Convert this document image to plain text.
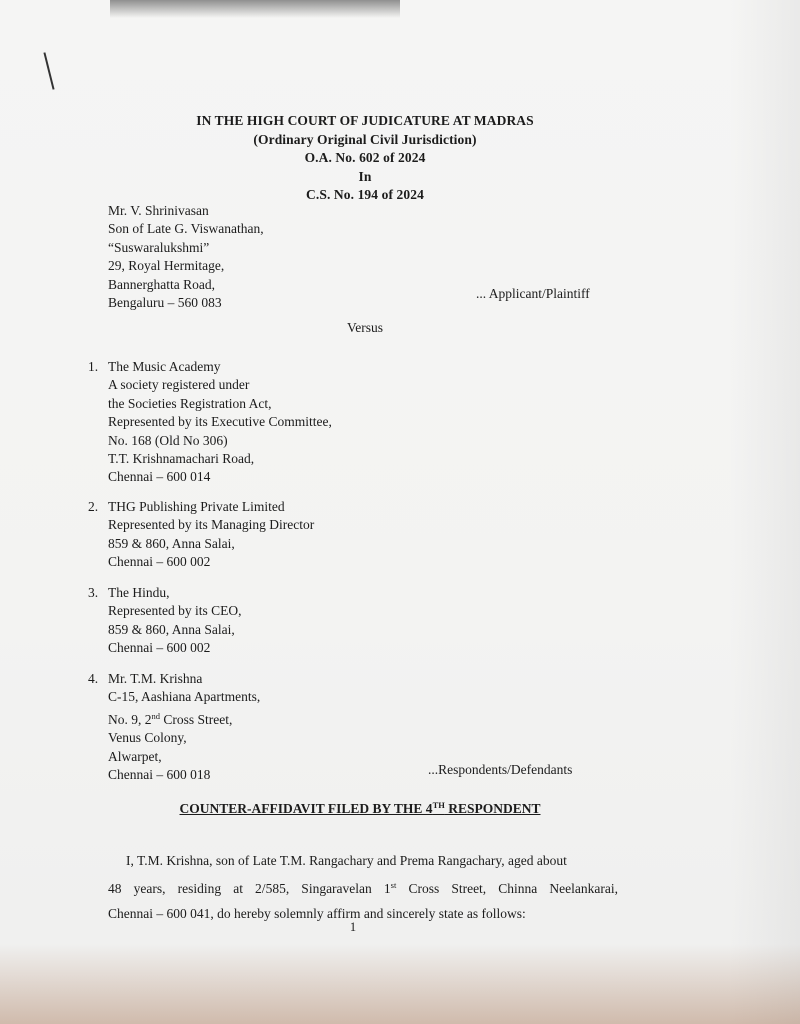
IN THE HIGH COURT OF JUDICATURE AT MADRAS
(Ordinary Original Civil Jurisdiction)
O.A. No. 602 of 2024
In
C.S. No. 194 of 2024
Mr. V. Shrinivasan
Son of Late G. Viswanathan,
“Suswaralukshmi”
29, Royal Hermitage,
Bannerghatta Road,
Bengaluru – 560 083
... Applicant/Plaintiff
Versus
1. The Music Academy
A society registered under
the Societies Registration Act,
Represented by its Executive Committee,
No. 168 (Old No 306)
T.T. Krishnamachari Road,
Chennai – 600 014
2. THG Publishing Private Limited
Represented by its Managing Director
859 & 860, Anna Salai,
Chennai – 600 002
3. The Hindu,
Represented by its CEO,
859 & 860, Anna Salai,
Chennai – 600 002
4. Mr. T.M. Krishna
C-15, Aashiana Apartments,
No. 9, 2nd Cross Street,
Venus Colony,
Alwarpet,
Chennai – 600 018	...Respondents/Defendants
COUNTER-AFFIDAVIT FILED BY THE 4TH RESPONDENT
I, T.M. Krishna, son of Late T.M. Rangachary and Prema Rangachary, aged about
48 years, residing at 2/585, Singaravelan 1st Cross Street, Chinna Neelankarai,
Chennai – 600 041, do hereby solemnly affirm and sincerely state as follows:
1
